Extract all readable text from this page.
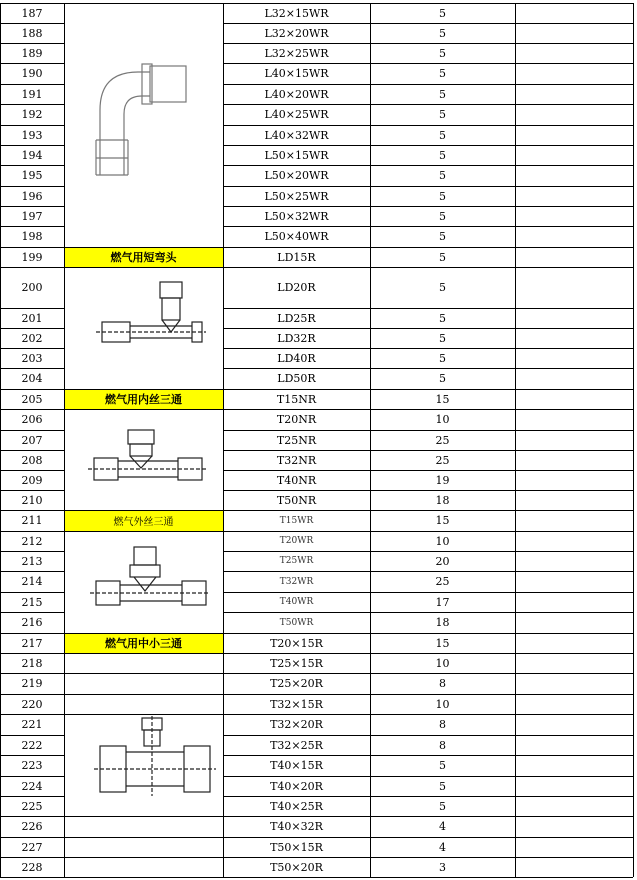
187	L32×15WR	5
188	L32×20WR	5
189	L32×25WR	5
190	L40×15WR	5
191	L40×20WR	5
192	L40×25WR	5
193	L40×32WR	5
194	L50×15WR	5
195	L50×20WR	5
196	L50×25WR	5
197	L50×32WR	5
198	L50×40WR	5
199	燃气用短弯头	LD15R	5
200	LD20R	5
201	LD25R	5
202	LD32R	5
203	LD40R	5
204	LD50R	5
205	燃气用内丝三通	T15NR	15
206	T20NR	10
207	T25NR	25
208	T32NR	25
209	T40NR	19
210	T50NR	18
211	燃气外丝三通	T15WR	15
212	T20WR	10
213	T25WR	20
214	T32WR	25
215	T40WR	17
216	T50WR	18
217	燃气用中小三通	T20×15R	15
218	T25×15R	10
219	T25×20R	8
220	T32×15R	10
221	T32×20R	8
222	T32×25R	8
223	T40×15R	5
224	T40×20R	5
225	T40×25R	5
226	T40×32R	4
227	T50×15R	4
228	T50×20R	3
